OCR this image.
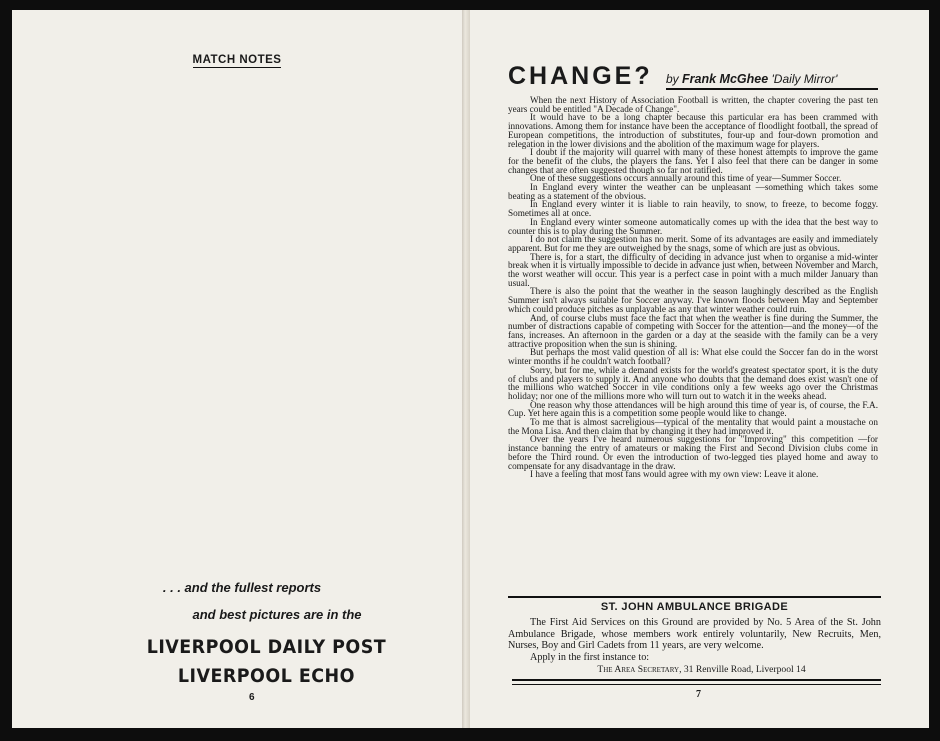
MATCH NOTES
. . . and the fullest reports
and best pictures are in the
LIVERPOOL DAILY POST
LIVERPOOL ECHO
6
CHANGE? by Frank McGhee 'Daily Mirror'

When the next History of Association Football is written, the chapter covering the past ten years could be entitled "A Decade of Change".

It would have to be a long chapter because this particular era has been crammed with innovations. Among them for instance have been the acceptance of floodlight football, the spread of European competitions, the introduction of substitutes, four-up and four-down promotion and relegation in the lower divisions and the abolition of the maximum wage for players.

I doubt if the majority will quarrel with many of these honest attempts to improve the game for the benefit of the clubs, the players the fans. Yet I also feel that there can be danger in some changes that are often suggested though so far not ratified.

One of these suggestions occurs annually around this time of year—Summer Soccer.

In England every winter the weather can be unpleasant —something which takes some beating as a statement of the obvious.

In England every winter it is liable to rain heavily, to snow, to freeze, to become foggy. Sometimes all at once.

In England every winter someone automatically comes up with the idea that the best way to counter this is to play during the Summer.

I do not claim the suggestion has no merit. Some of its advantages are easily and immediately apparent. But for me they are outweighed by the snags, some of which are just as obvious.

There is, for a start, the difficulty of deciding in advance just when to organise a mid-winter break when it is virtually impossible to decide in advance just when, between November and March, the worst weather will occur. This year is a perfect case in point with a much milder January than usual.

There is also the point that the weather in the season laughingly described as the English Summer isn't always suitable for Soccer anyway. I've known floods between May and September which could produce pitches as unplayable as any that winter weather could ruin.

And, of course clubs must face the fact that when the weather is fine during the Summer, the number of distractions capable of competing with Soccer for the attention—and the money—of the fans, increases. An afternoon in the garden or a day at the seaside with the family can be a very attractive proposition when the sun is shining.

But perhaps the most valid question of all is: What else could the Soccer fan do in the worst winter months if he couldn't watch football?

Sorry, but for me, while a demand exists for the world's greatest spectator sport, it is the duty of clubs and players to supply it. And anyone who doubts that the demand does exist wasn't one of the millions who watched Soccer in vile conditions only a few weeks ago over the Christmas holiday; nor one of the millions more who will turn out to watch it in the weeks ahead.

One reason why those attendances will be high around this time of year is, of course, the F.A. Cup. Yet here again this is a competition some people would like to change.

To me that is almost sacreligious—typical of the mentality that would paint a moustache on the Mona Lisa. And then claim that by changing it they had improved it.

Over the years I've heard numerous suggestions for "Improving" this competition —for instance banning the entry of amateurs or making the First and Second Division clubs come in before the Third round. Or even the introduction of two-legged ties played home and away to compensate for any disadvantage in the draw.

I have a feeling that most fans would agree with my own view: Leave it alone.

ST. JOHN AMBULANCE BRIGADE

The First Aid Services on this Ground are provided by No. 5 Area of the St. John Ambulance Brigade, whose members work entirely voluntarily, New Recruits, Men, Nurses, Boy and Girl Cadets from 11 years, are very welcome.

Apply in the first instance to:

The Area Secretary, 31 Renville Road, Liverpool 14
7
